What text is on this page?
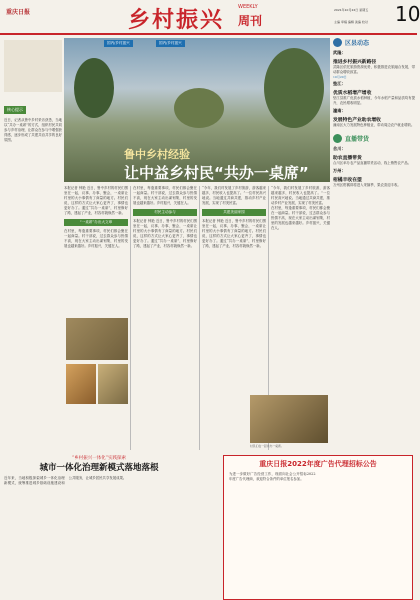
重庆日报	乡村振兴
WEEKLY
周刊
2021年10月22日 星期五
主编 审稿 编辑 美编 校对 10
核心提示
近日，记者从鲁中乡村采访获悉，当地以“共办一桌席”的方式，组织村民共同参与乡村治理，让群众在参与中增强获得感，逐步形成了共建共治共享的良好氛围。
国内/乡村振兴	国内/乡村振兴
鲁中乡村经验
让中益乡村民“共办一桌席”
本报记者 钟艳 近日，鲁中乡村的村民们围坐在一起，议事、办事、聚会，一桌席让村里的大小事情有了商量的地方。村民们说，这样的方式让大家心更齐了，事情也更好办了。通过“共办一桌席”，村里修好了路，建起了产业，村容村貌焕然一新。
“一桌席”办出大文章
在村里，每逢重要事项，村民们都会聚在一起商量。村干部说，过去群众参与热情不高，现在大家主动出谋划策，村里的发展也越来越好。乡村振兴，关键在人。
在村里，每逢重要事项，村民们都会聚在一起商量。村干部说，过去群众参与热情不高，现在大家主动出谋划策，村里的发展也越来越好。乡村振兴，关键在人。
村民主动参与
本报记者 钟艳 近日，鲁中乡村的村民们围坐在一起，议事、办事、聚会，一桌席让村里的大小事情有了商量的地方。村民们说，这样的方式让大家心更齐了，事情也更好办了。通过“共办一桌席”，村里修好了路，建起了产业，村容村貌焕然一新。
“今年，我们村发展了乡村旅游，游客越来越多，村民收入也提高了。”一位村民高兴地说。当地通过共商共建，推动乡村产业发展，实现了村美民富。
共建美丽家园
本报记者 钟艳 近日，鲁中乡村的村民们围坐在一起，议事、办事、聚会，一桌席让村里的大小事情有了商量的地方。村民们说，这样的方式让大家心更齐了，事情也更好办了。通过“共办一桌席”，村里修好了路，建起了产业，村容村貌焕然一新。
“今年，我们村发展了乡村旅游，游客越来越多，村民收入也提高了。”一位村民高兴地说。当地通过共商共建，推动乡村产业发展，实现了村美民富。
在村里，每逢重要事项，村民们都会聚在一起商量。村干部说，过去群众参与热情不高，现在大家主动出谋划策，村里的发展也越来越好。乡村振兴，关键在人。
村民们在一起共办一桌席。
区县动态
武隆：
推进乡村振兴新路径
武隆区依托旅游资源优势，积极推进农旅融合发展，带动群众增收致富。
10月20日
垫江：
优质水稻增产增收
垫江县推广优质水稻种植，今年水稻产量和品质均有提升，农民增收明显。
潼南：
发展特色产业助农增收
潼南区大力发展特色种植业，带动周边农户就业增收。
直播带货
合川：
助农直播带货
合川区举办农产品直播带货活动，线上销售农产品。
万州：
柑橘丰收在望
万州区柑橘即将进入采摘季，果农喜迎丰收。
“乡村振兴一体化”实践探索
城市一体化治理新模式落地落根
近年来，当地积极探索城乡一体化治理新模式，统筹推进城乡基础设施建设和公共服务，让城乡居民共享发展成果。
重庆日报2022年度广告代理招标公告
为进一步做好广告经营工作，现面向社会公开招标2022年度广告代理商，欢迎符合条件的单位报名参加。
